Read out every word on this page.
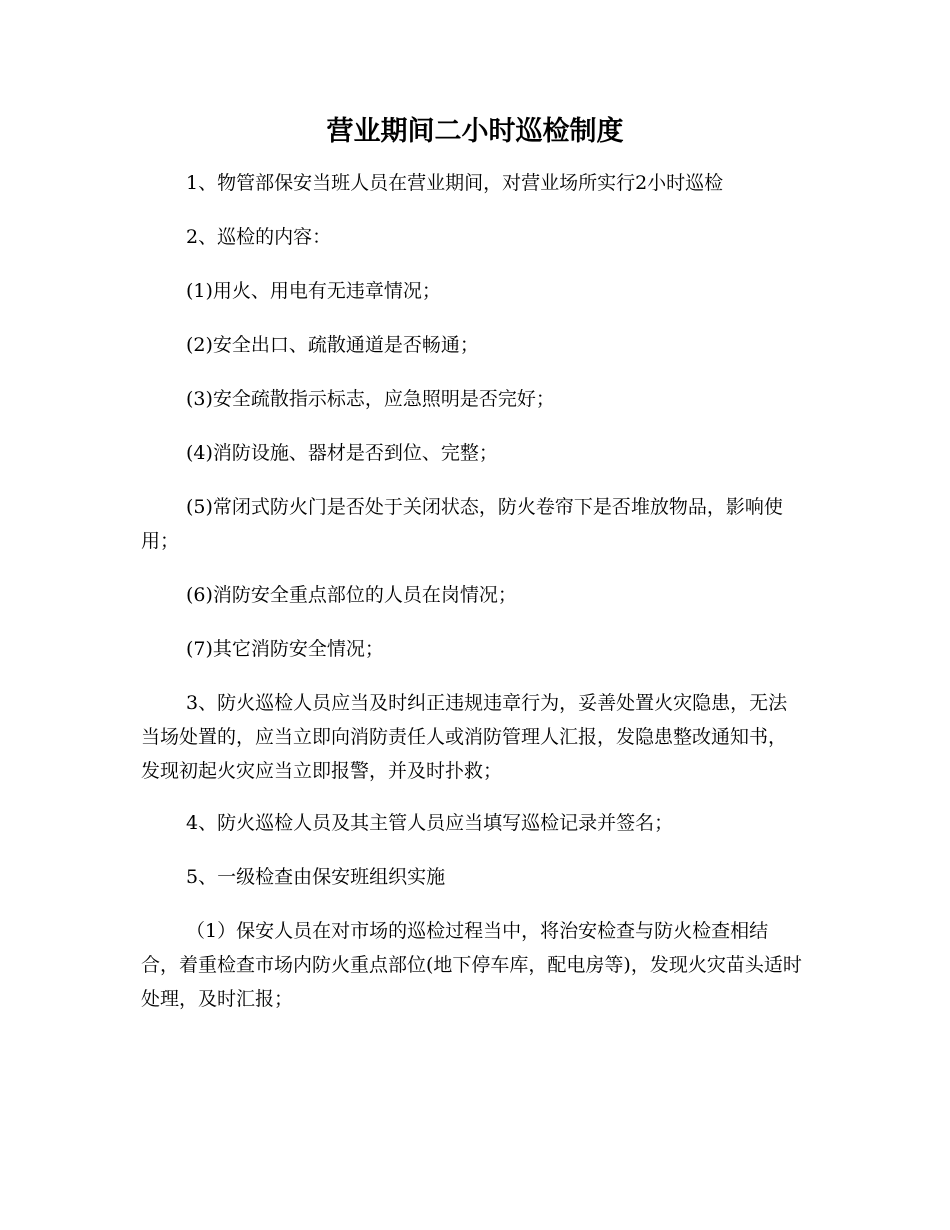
营业期间二小时巡检制度

1、物管部保安当班人员在营业期间，对营业场所实行2小时巡检

2、巡检的内容：

(1)用火、用电有无违章情况；

(2)安全出口、疏散通道是否畅通；

(3)安全疏散指示标志，应急照明是否完好；

(4)消防设施、器材是否到位、完整；

(5)常闭式防火门是否处于关闭状态，防火卷帘下是否堆放物品，影响使用；

(6)消防安全重点部位的人员在岗情况；

(7)其它消防安全情况；

3、防火巡检人员应当及时纠正违规违章行为，妥善处置火灾隐患，无法当场处置的，应当立即向消防责任人或消防管理人汇报，发隐患整改通知书，发现初起火灾应当立即报警，并及时扑救；

4、防火巡检人员及其主管人员应当填写巡检记录并签名；

5、一级检查由保安班组织实施

（1）保安人员在对市场的巡检过程当中，将治安检查与防火检查相结合，着重检查市场内防火重点部位(地下停车库，配电房等)，发现火灾苗头适时处理，及时汇报；
